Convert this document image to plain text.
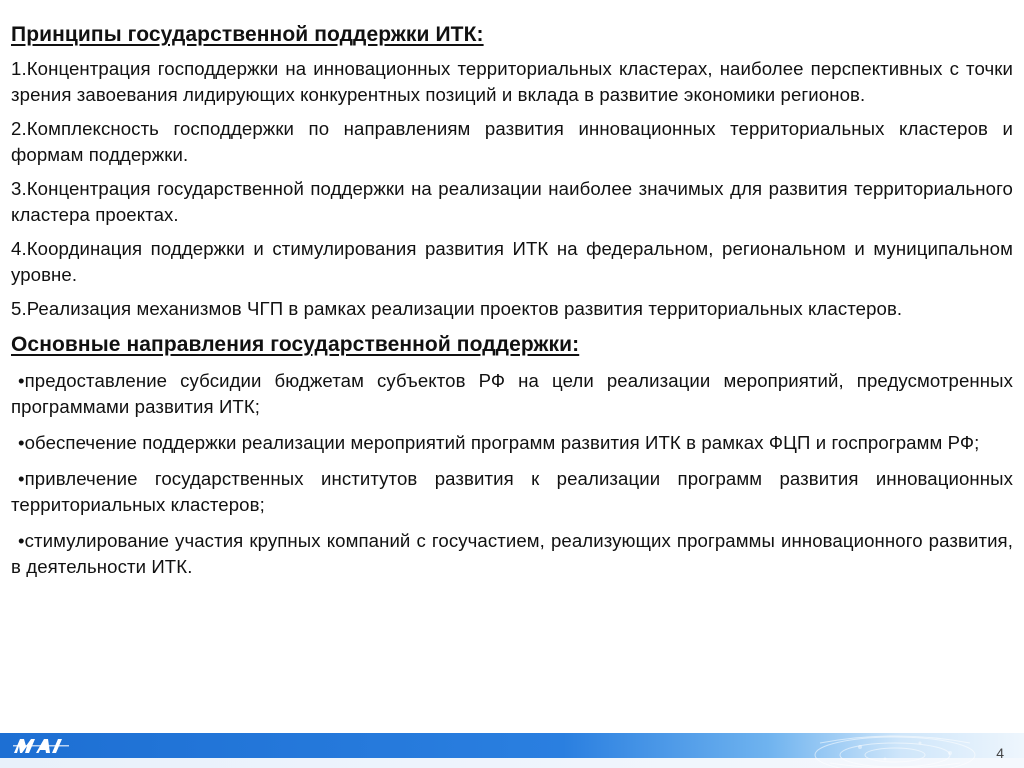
Принципы государственной поддержки ИТК:

1.Концентрация господдержки на инновационных территориальных кластерах, наиболее перспективных с точки зрения завоевания лидирующих конкурентных позиций и вклада в развитие экономики регионов.

2.Комплексность господдержки по направлениям развития инновационных территориальных кластеров и формам поддержки.

3.Концентрация государственной поддержки на реализации наиболее значимых для развития территориального кластера проектах.

4.Координация поддержки и стимулирования развития ИТК на федеральном, региональном и муниципальном уровне.

5.Реализация механизмов ЧГП в рамках реализации проектов развития территориальных кластеров.

Основные направления государственной поддержки:

•предоставление субсидии бюджетам субъектов РФ на цели реализации мероприятий, предусмотренных программами развития ИТК;

•обеспечение поддержки реализации мероприятий программ развития ИТК в рамках ФЦП и госпрограмм РФ;

•привлечение государственных институтов развития к реализации программ развития инновационных территориальных кластеров;

•стимулирование участия крупных компаний с госучастием, реализующих программы инновационного развития, в деятельности ИТК.

MAI
4
